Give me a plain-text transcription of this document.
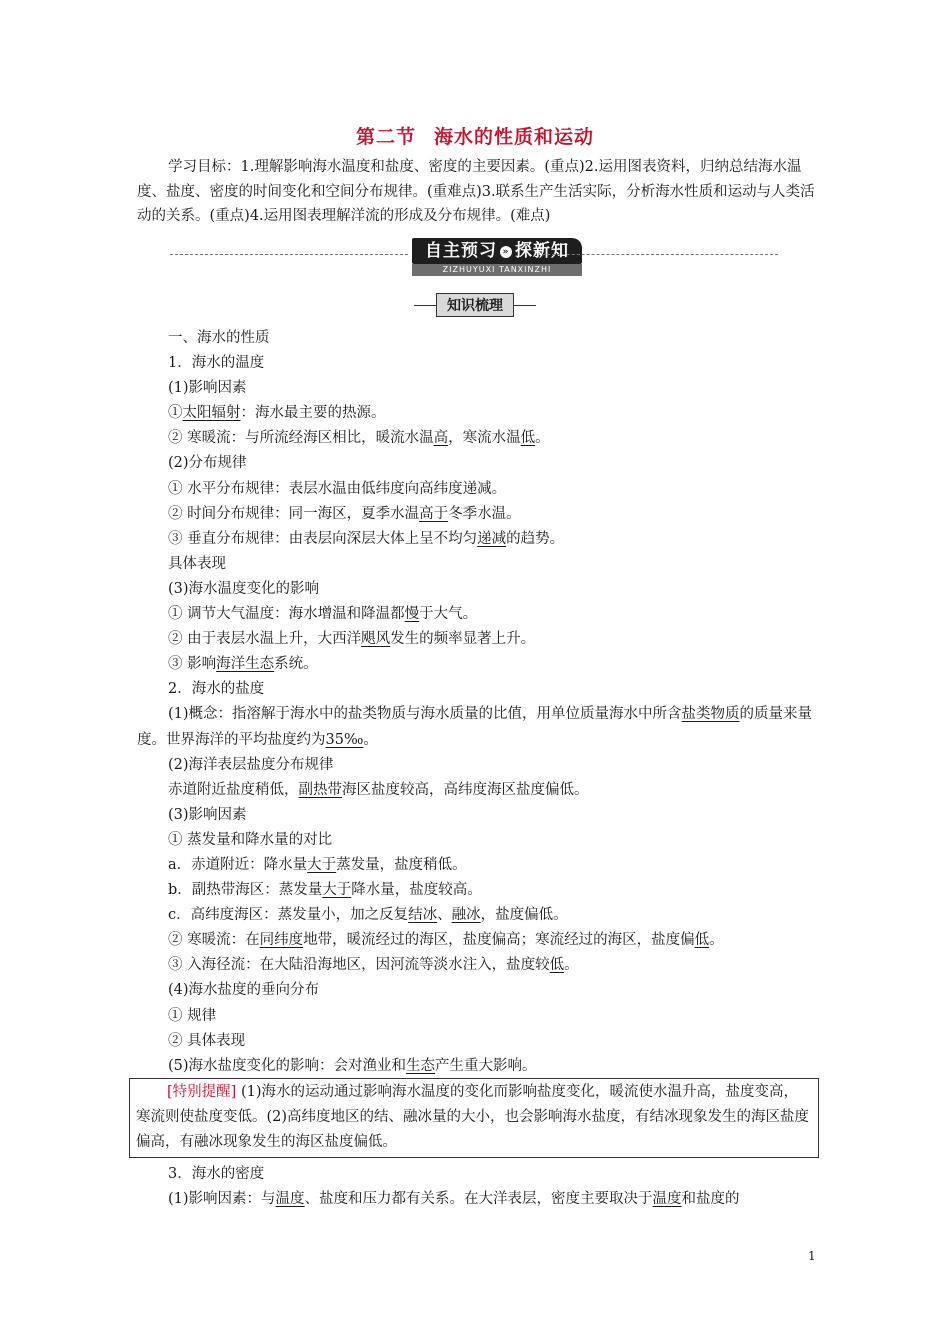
第二节 海水的性质和运动
学习目标：1.理解影响海水温度和盐度、密度的主要因素。(重点)2.运用图表资料，归纳总结海水温度、盐度、密度的时间变化和空间分布规律。(重难点)3.联系生产生活实际，分析海水性质和运动与人类活动的关系。(重点)4.运用图表理解洋流的形成及分布规律。(难点)
自主预习 » 探新知
ZIZHUYUXI TANXINZHI
知识梳理

一、海水的性质

1．海水的温度

(1)影响因素

①太阳辐射：海水最主要的热源。

② 寒暖流：与所流经海区相比，暖流水温高，寒流水温低。

(2)分布规律

① 水平分布规律：表层水温由低纬度向高纬度递减。

② 时间分布规律：同一海区，夏季水温高于冬季水温。

③ 垂直分布规律：由表层向深层大体上呈不均匀递减的趋势。

具体表现

(3)海水温度变化的影响

① 调节大气温度：海水增温和降温都慢于大气。

② 由于表层水温上升，大西洋飓风发生的频率显著上升。

③ 影响海洋生态系统。

2．海水的盐度

(1)概念：指溶解于海水中的盐类物质与海水质量的比值，用单位质量海水中所含盐类物质的质量来量度。世界海洋的平均盐度约为35‰。

(2)海洋表层盐度分布规律

赤道附近盐度稍低，副热带海区盐度较高，高纬度海区盐度偏低。

(3)影响因素

① 蒸发量和降水量的对比

a．赤道附近：降水量大于蒸发量，盐度稍低。

b．副热带海区：蒸发量大于降水量，盐度较高。

c．高纬度海区：蒸发量小，加之反复结冰、融冰，盐度偏低。

② 寒暖流：在同纬度地带，暖流经过的海区，盐度偏高；寒流经过的海区，盐度偏低。

③ 入海径流：在大陆沿海地区，因河流等淡水注入，盐度较低。

(4)海水盐度的垂向分布

① 规律

② 具体表现

(5)海水盐度变化的影响：会对渔业和生态产生重大影响。

[特别提醒] (1)海水的运动通过影响海水温度的变化而影响盐度变化，暖流使水温升高，盐度变高，寒流则使盐度变低。(2)高纬度地区的结、融冰量的大小，也会影响海水盐度，有结冰现象发生的海区盐度偏高，有融冰现象发生的海区盐度偏低。

3．海水的密度

(1)影响因素：与温度、盐度和压力都有关系。在大洋表层，密度主要取决于温度和盐度的

1
